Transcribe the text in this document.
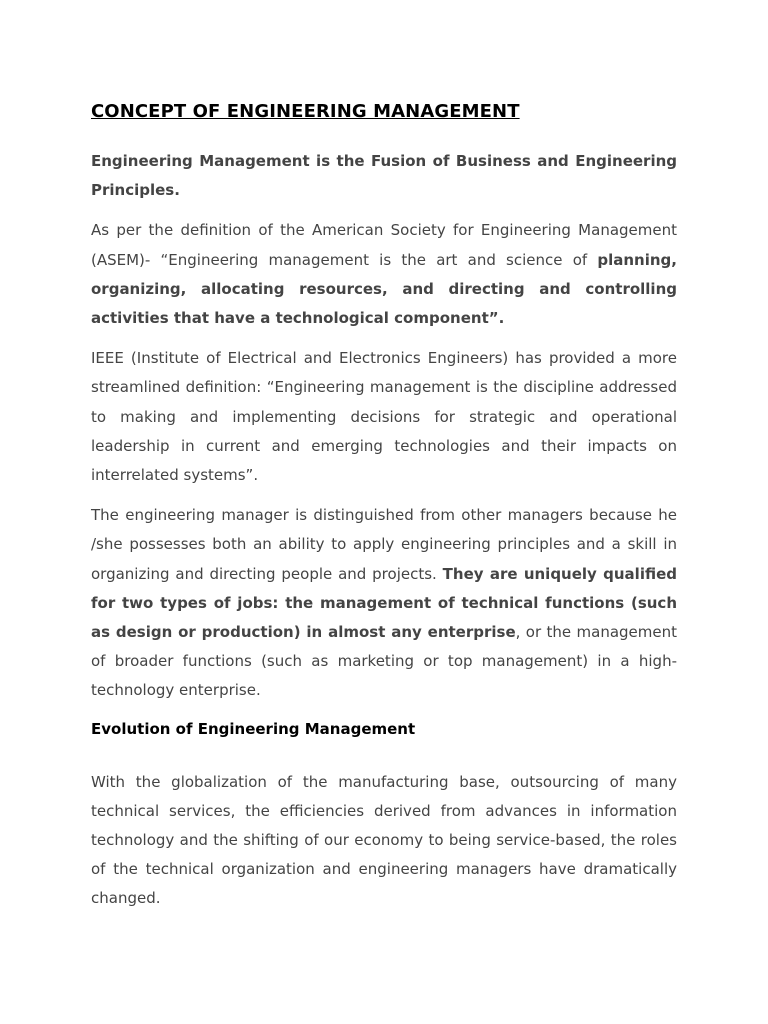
CONCEPT OF ENGINEERING MANAGEMENT

Engineering Management is the Fusion of Business and Engineering Principles.

As per the definition of the American Society for Engineering Management (ASEM)- “Engineering management is the art and science of planning, organizing, allocating resources, and directing and controlling activities that have a technological component”.

IEEE (Institute of Electrical and Electronics Engineers) has provided a more streamlined definition: “Engineering management is the discipline addressed to making and implementing decisions for strategic and operational leadership in current and emerging technologies and their impacts on interrelated systems”.

The engineering manager is distinguished from other managers because he /she possesses both an ability to apply engineering principles and a skill in organizing and directing people and projects. They are uniquely qualified for two types of jobs: the management of technical functions (such as design or production) in almost any enterprise, or the management of broader functions (such as marketing or top management) in a high-technology enterprise.

Evolution of Engineering Management

With the globalization of the manufacturing base, outsourcing of many technical services, the efficiencies derived from advances in information technology and the shifting of our economy to being service-based, the roles of the technical organization and engineering managers have dramatically changed.
